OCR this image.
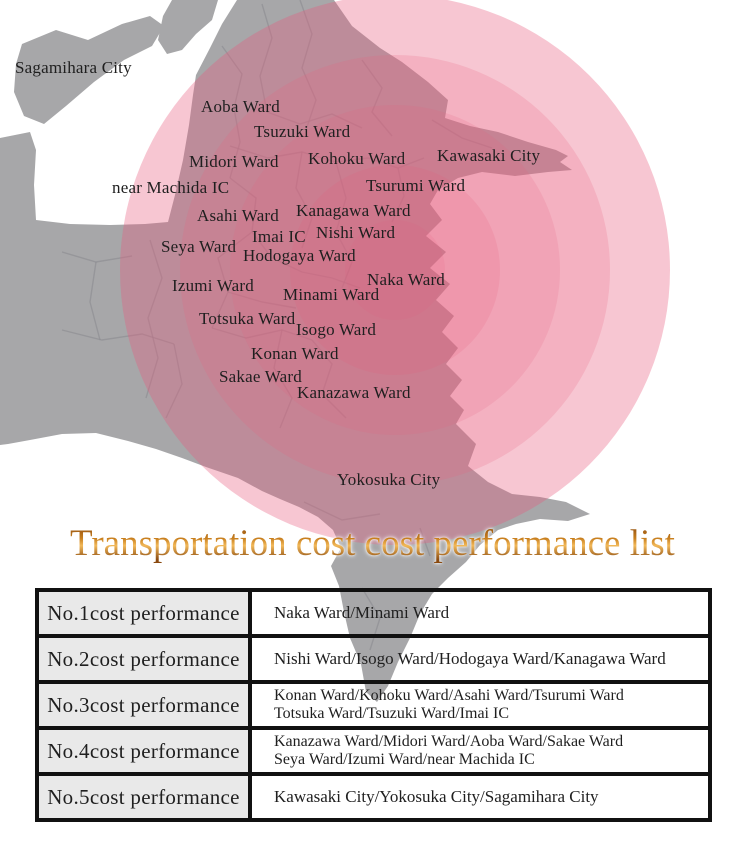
Sagamihara City
Aoba Ward
Tsuzuki Ward
Midori Ward Kohoku Ward Kawasaki City
near Machida IC	Tsurumi Ward
Asahi Ward Kanagawa Ward
Imai IC Nishi Ward
Seya Ward Hodogaya Ward
Izumi Ward	Naka Ward
Minami Ward
Totsuka Ward
Isogo Ward
Konan Ward
Sakae Ward
Kanazawa Ward
Yokosuka City
Transportation cost cost performance list
No.1cost performance	Naka Ward/Minami Ward
No.2cost performance	Nishi Ward/Isogo Ward/Hodogaya Ward/Kanagawa Ward
No.3cost performance	Konan Ward/Kohoku Ward/Asahi Ward/Tsurumi Ward
Totsuka Ward/Tsuzuki Ward/Imai IC
No.4cost performance	Kanazawa Ward/Midori Ward/Aoba Ward/Sakae Ward
Seya Ward/Izumi Ward/near Machida IC
No.5cost performance	Kawasaki City/Yokosuka City/Sagamihara City
